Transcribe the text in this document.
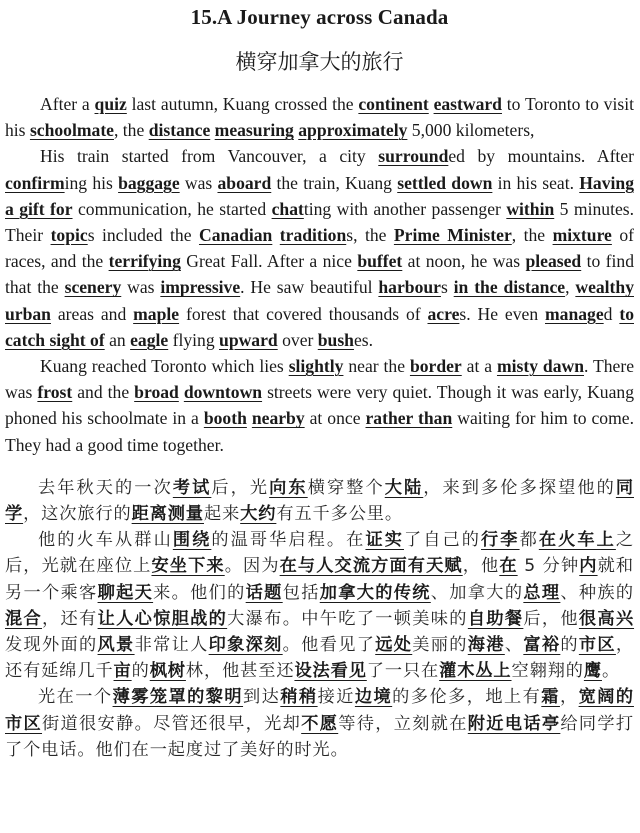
15.A Journey across Canada
横穿加拿大的旅行

After a quiz last autumn, Kuang crossed the continent eastward to Toronto to visit his schoolmate, the distance measuring approximately 5,000 kilometers,

His train started from Vancouver, a city surrounded by mountains. After confirming his baggage was aboard the train, Kuang settled down in his seat. Having a gift for communication, he started chatting with another passenger within 5 minutes. Their topics included the Canadian traditions, the Prime Minister, the mixture of races, and the terrifying Great Fall. After a nice buffet at noon, he was pleased to find that the scenery was impressive. He saw beautiful harbours in the distance, wealthy urban areas and maple forest that covered thousands of acres. He even managed to catch sight of an eagle flying upward over bushes.

Kuang reached Toronto which lies slightly near the border at a misty dawn. There was frost and the broad downtown streets were very quiet. Though it was early, Kuang phoned his schoolmate in a booth nearby at once rather than waiting for him to come. They had a good time together.

去年秋天的一次考试后，光向东横穿整个大陆，来到多伦多探望他的同学，这次旅行的距离测量起来大约有五千多公里。

他的火车从群山围绕的温哥华启程。在证实了自己的行李都在火车上之后，光就在座位上安坐下来。因为在与人交流方面有天赋，他在 5 分钟内就和另一个乘客聊起天来。他们的话题包括加拿大的传统、加拿大的总理、种族的混合，还有让人心惊胆战的大瀑布。中午吃了一顿美味的自助餐后，他很高兴发现外面的风景非常让人印象深刻。他看见了远处美丽的海港、富裕的市区，还有延绵几千亩的枫树林，他甚至还设法看见了一只在灌木丛上空翱翔的鹰。

光在一个薄雾笼罩的黎明到达稍稍接近边境的多伦多，地上有霜，宽阔的市区街道很安静。尽管还很早，光却不愿等待，立刻就在附近电话亭给同学打了个电话。他们在一起度过了美好的时光。
